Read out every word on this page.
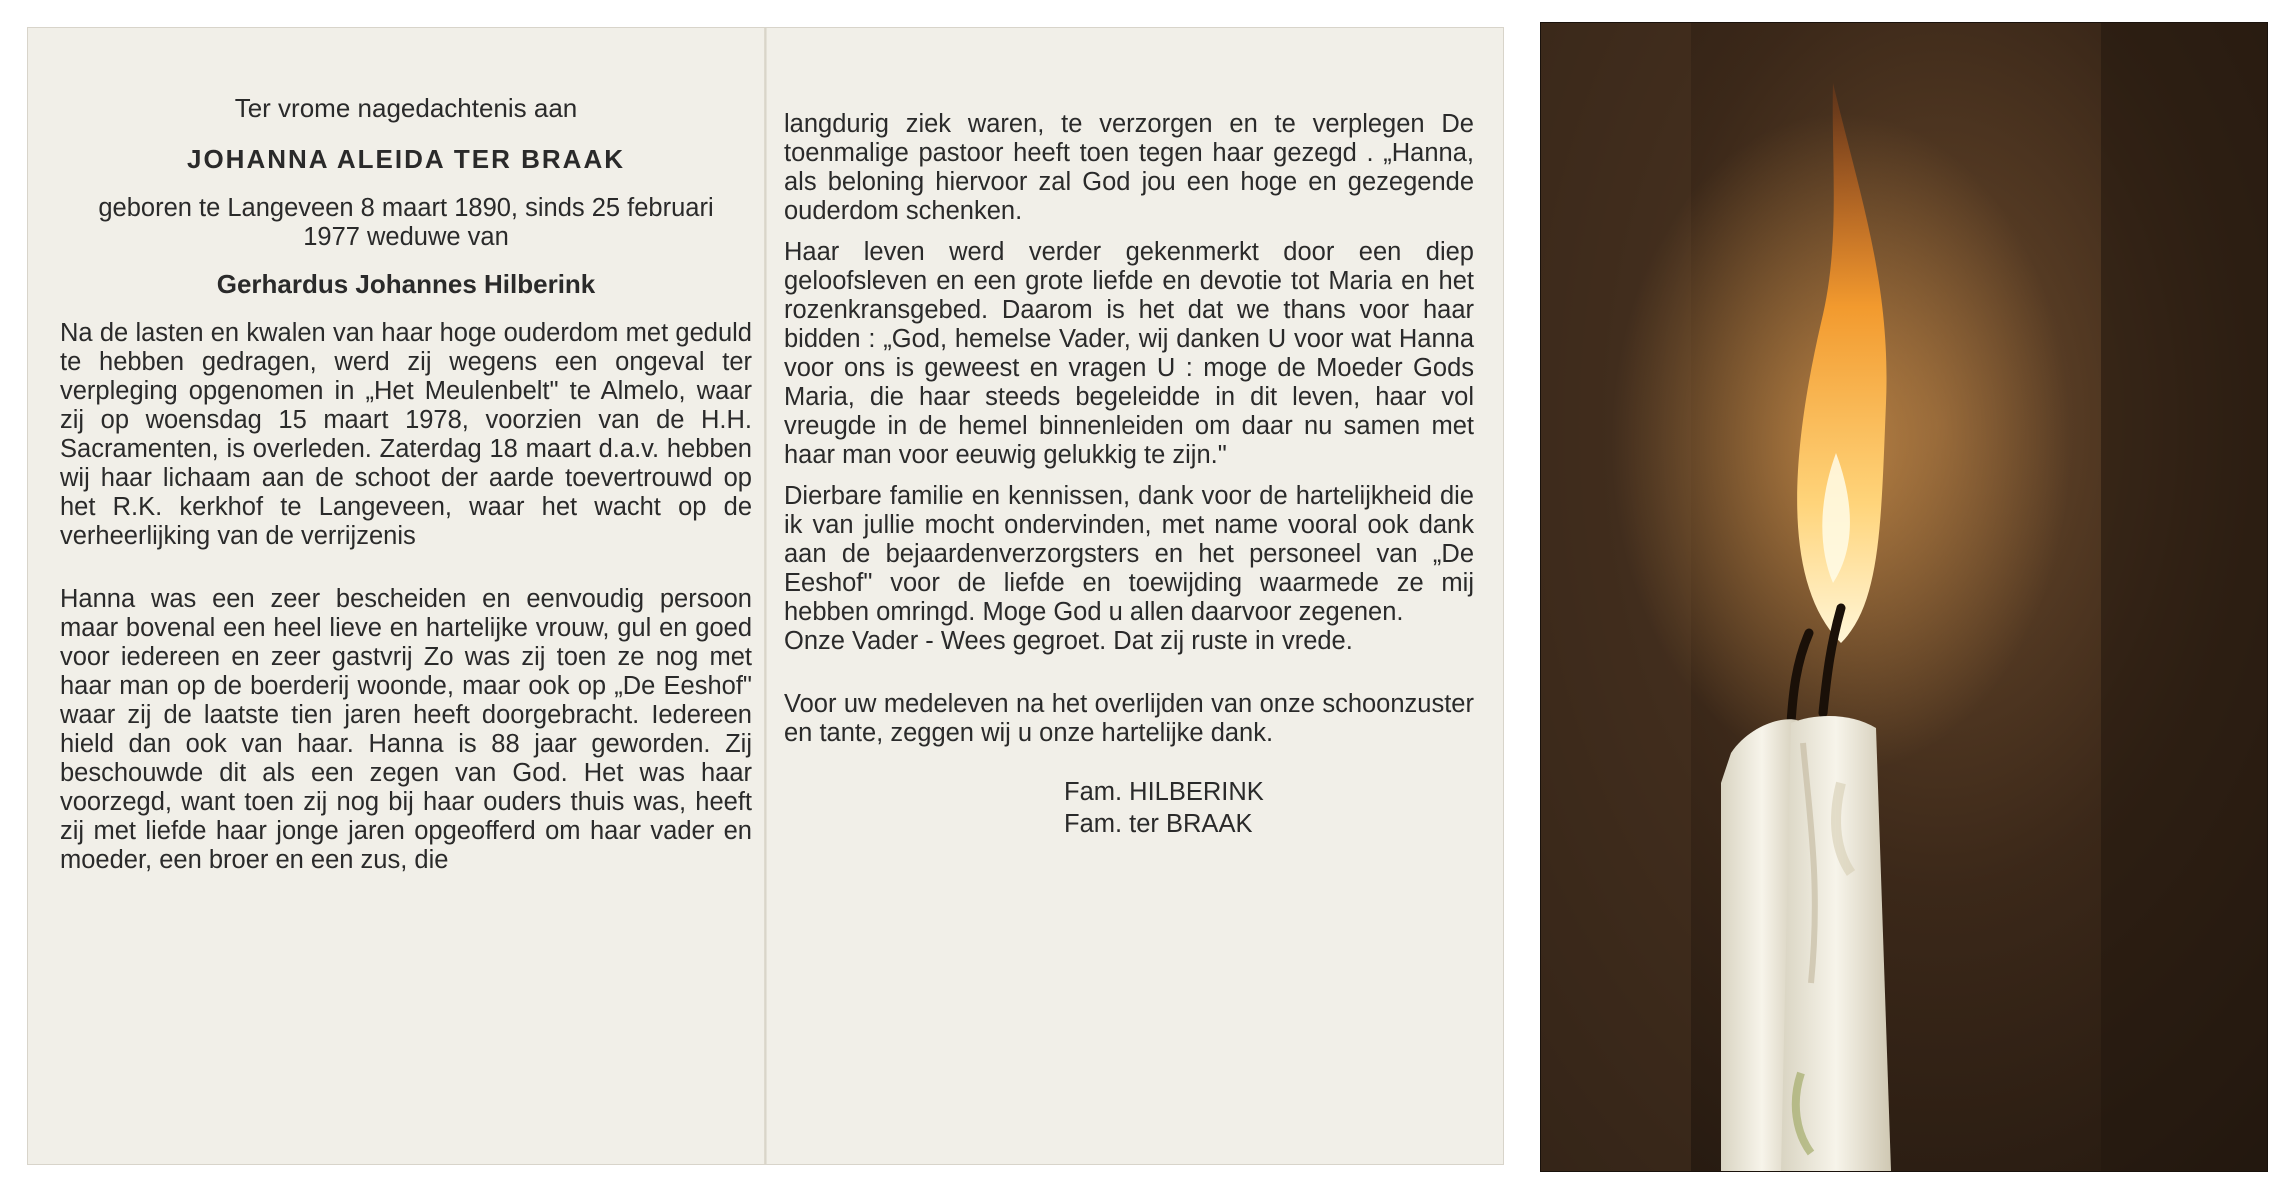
Ter vrome nagedachtenis aan
JOHANNA ALEIDA TER BRAAK
geboren te Langeveen 8 maart 1890, sinds 25 februari 1977 weduwe van
Gerhardus Johannes Hilberink

Na de lasten en kwalen van haar hoge ouderdom met geduld te hebben gedragen, werd zij wegens een ongeval ter verpleging opgenomen in „Het Meulenbelt" te Almelo, waar zij op woensdag 15 maart 1978, voorzien van de H.H. Sacramenten, is overleden. Zaterdag 18 maart d.a.v. hebben wij haar lichaam aan de schoot der aarde toevertrouwd op het R.K. kerkhof te Langeveen, waar het wacht op de verheerlijking van de verrijzenis

Hanna was een zeer bescheiden en eenvoudig persoon maar bovenal een heel lieve en hartelijke vrouw, gul en goed voor iedereen en zeer gastvrij Zo was zij toen ze nog met haar man op de boerderij woonde, maar ook op „De Eeshof" waar zij de laatste tien jaren heeft doorgebracht. Iedereen hield dan ook van haar. Hanna is 88 jaar geworden. Zij beschouwde dit als een zegen van God. Het was haar voorzegd, want toen zij nog bij haar ouders thuis was, heeft zij met liefde haar jonge jaren opgeofferd om haar vader en moeder, een broer en een zus, die

langdurig ziek waren, te verzorgen en te verplegen De toenmalige pastoor heeft toen tegen haar gezegd . „Hanna, als beloning hiervoor zal God jou een hoge en gezegende ouderdom schenken.

Haar leven werd verder gekenmerkt door een diep geloofsleven en een grote liefde en devotie tot Maria en het rozenkransgebed. Daarom is het dat we thans voor haar bidden : „God, hemelse Vader, wij danken U voor wat Hanna voor ons is geweest en vragen U : moge de Moeder Gods Maria, die haar steeds begeleidde in dit leven, haar vol vreugde in de hemel binnenleiden om daar nu samen met haar man voor eeuwig gelukkig te zijn."

Dierbare familie en kennissen, dank voor de hartelijkheid die ik van jullie mocht ondervinden, met name vooral ook dank aan de bejaardenverzorgsters en het personeel van „De Eeshof" voor de liefde en toewijding waarmede ze mij hebben omringd. Moge God u allen daarvoor zegenen.

Onze Vader - Wees gegroet. Dat zij ruste in vrede.

Voor uw medeleven na het overlijden van onze schoonzuster en tante, zeggen wij u onze hartelijke dank.

Fam. HILBERINK
Fam. ter BRAAK
